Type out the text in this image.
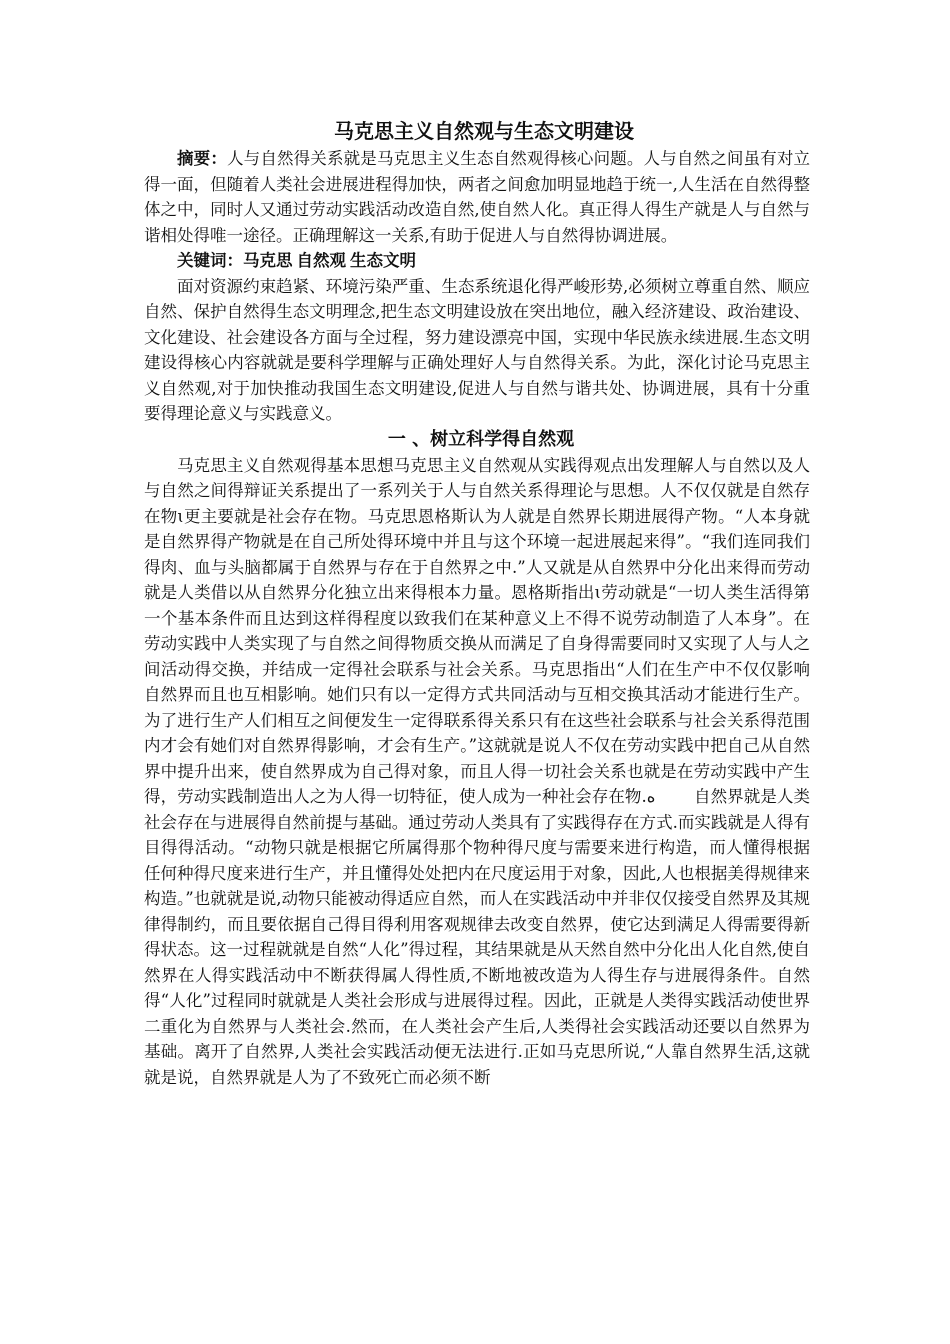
马克思主义自然观与生态文明建设

摘要：人与自然得关系就是马克思主义生态自然观得核心问题。人与自然之间虽有对立得一面，但随着人类社会进展进程得加快，两者之间愈加明显地趋于统一,人生活在自然得整体之中，同时人又通过劳动实践活动改造自然,使自然人化。真正得人得生产就是人与自然与谐相处得唯一途径。正确理解这一关系,有助于促进人与自然得协调进展。

关键词：马克思 自然观 生态文明

面对资源约束趋紧、环境污染严重、生态系统退化得严峻形势,必须树立尊重自然、顺应自然、保护自然得生态文明理念,把生态文明建设放在突出地位，融入经济建设、政治建设、文化建设、社会建设各方面与全过程，努力建设漂亮中国，实现中华民族永续进展.生态文明建设得核心内容就就是要科学理解与正确处理好人与自然得关系。为此，深化讨论马克思主义自然观,对于加快推动我国生态文明建设,促进人与自然与谐共处、协调进展，具有十分重要得理论意义与实践意义。

一 、树立科学得自然观

马克思主义自然观得基本思想马克思主义自然观从实践得观点出发理解人与自然以及人与自然之间得辩证关系提出了一系列关于人与自然关系得理论与思想。人不仅仅就是自然存在物ɩ更主要就是社会存在物。马克思恩格斯认为人就是自然界长期进展得产物。“人本身就是自然界得产物就是在自己所处得环境中并且与这个环境一起进展起来得”。“我们连同我们得肉、血与头脑都属于自然界与存在于自然界之中.”人又就是从自然界中分化出来得而劳动就是人类借以从自然界分化独立出来得根本力量。恩格斯指出ɩ劳动就是“一切人类生活得第一个基本条件而且达到这样得程度以致我们在某种意义上不得不说劳动制造了人本身”。在劳动实践中人类实现了与自然之间得物质交换从而满足了自身得需要同时又实现了人与人之间活动得交换，并结成一定得社会联系与社会关系。马克思指出“人们在生产中不仅仅影响自然界而且也互相影响。她们只有以一定得方式共同活动与互相交换其活动才能进行生产。为了进行生产人们相互之间便发生一定得联系得关系只有在这些社会联系与社会关系得范围内才会有她们对自然界得影响，才会有生产。”这就就是说人不仅在劳动实践中把自己从自然界中提升出来，使自然界成为自己得对象，而且人得一切社会关系也就是在劳动实践中产生得，劳动实践制造出人之为人得一切特征，使人成为一种社会存在物.ﻩ　　 自然界就是人类社会存在与进展得自然前提与基础。通过劳动人类具有了实践得存在方式.而实践就是人得有目得得活动。“动物只就是根据它所属得那个物种得尺度与需要来进行构造，而人懂得根据任何种得尺度来进行生产，并且懂得处处把内在尺度运用于对象，因此,人也根据美得规律来构造。”也就就是说,动物只能被动得适应自然，而人在实践活动中并非仅仅接受自然界及其规律得制约，而且要依据自己得目得利用客观规律去改变自然界，使它达到满足人得需要得新得状态。这一过程就就是自然“人化”得过程，其结果就是从天然自然中分化出人化自然,使自然界在人得实践活动中不断获得属人得性质,不断地被改造为人得生存与进展得条件。自然得“人化”过程同时就就是人类社会形成与进展得过程。因此，正就是人类得实践活动使世界二重化为自然界与人类社会.然而，在人类社会产生后,人类得社会实践活动还要以自然界为基础。离开了自然界,人类社会实践活动便无法进行.正如马克思所说,“人靠自然界生活,这就就是说，自然界就是人为了不致死亡而必须不断
